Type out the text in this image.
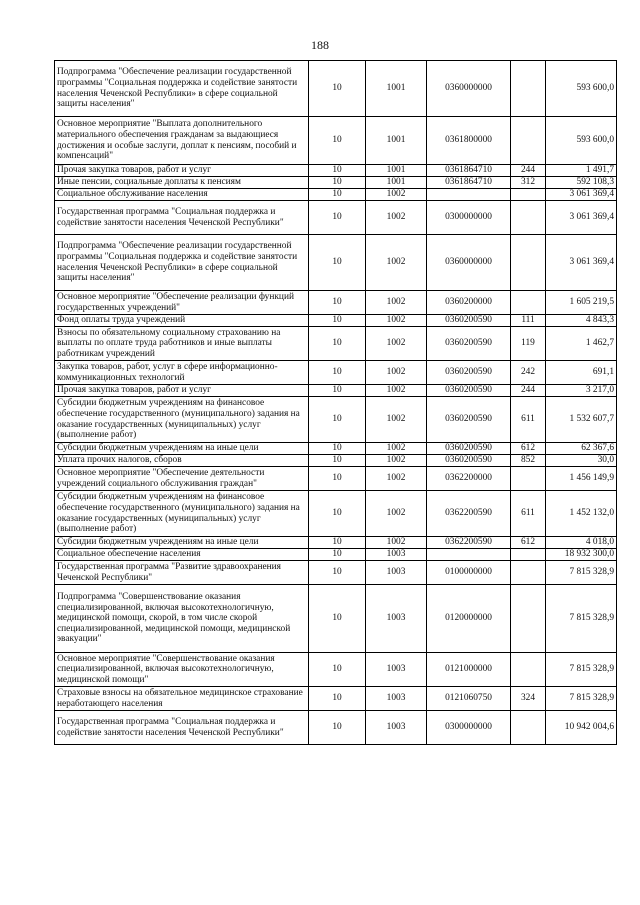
188
Подпрограмма "Обеспечение реализации государственной программы "Социальная поддержка и содействие занятости населения Чеченской Республики» в сфере социальной защиты населения"	10	1001	0360000000		593 600,0
Основное мероприятие "Выплата дополнительного материального обеспечения гражданам за выдающиеся достижения и особые заслуги, доплат к пенсиям, пособий и компенсаций"	10	1001	0361800000		593 600,0
Прочая закупка товаров, работ и услуг	10	1001	0361864710	244	1 491,7
Иные пенсии, социальные доплаты к пенсиям	10	1001	0361864710	312	592 108,3
Социальное обслуживание населения	10	1002			3 061 369,4
Государственная программа "Социальная поддержка и содействие занятости населения Чеченской Республики"	10	1002	0300000000		3 061 369,4
Подпрограмма "Обеспечение реализации государственной программы "Социальная поддержка и содействие занятости населения Чеченской Республики» в сфере социальной защиты населения"	10	1002	0360000000		3 061 369,4
Основное мероприятие "Обеспечение реализации функций государственных учреждений"	10	1002	0360200000		1 605 219,5
Фонд оплаты труда учреждений	10	1002	0360200590	111	4 843,3
Взносы по обязательному социальному страхованию на выплаты по оплате труда работников и иные выплаты работникам учреждений	10	1002	0360200590	119	1 462,7
Закупка товаров, работ, услуг в сфере информационно-коммуникационных технологий	10	1002	0360200590	242	691,1
Прочая закупка товаров, работ и услуг	10	1002	0360200590	244	3 217,0
Субсидии бюджетным учреждениям на финансовое обеспечение государственного (муниципального) задания на оказание государственных (муниципальных) услуг (выполнение работ)	10	1002	0360200590	611	1 532 607,7
Субсидии бюджетным учреждениям на иные цели	10	1002	0360200590	612	62 367,6
Уплата прочих налогов, сборов	10	1002	0360200590	852	30,0
Основное мероприятие "Обеспечение деятельности учреждений социального обслуживания граждан"	10	1002	0362200000		1 456 149,9
Субсидии бюджетным учреждениям на финансовое обеспечение государственного (муниципального) задания на оказание государственных (муниципальных) услуг (выполнение работ)	10	1002	0362200590	611	1 452 132,0
Субсидии бюджетным учреждениям на иные цели	10	1002	0362200590	612	4 018,0
Социальное обеспечение населения	10	1003			18 932 300,0
Государственная программа "Развитие здравоохранения Чеченской Республики"	10	1003	0100000000		7 815 328,9
Подпрограмма "Совершенствование оказания специализированной, включая высокотехнологичную, медицинской помощи, скорой, в том числе скорой специализированной, медицинской помощи, медицинской эвакуации"	10	1003	0120000000		7 815 328,9
Основное мероприятие "Совершенствование оказания специализированной, включая высокотехнологичную, медицинской помощи"	10	1003	0121000000		7 815 328,9
Страховые взносы на обязательное медицинское страхование неработающего населения	10	1003	0121060750	324	7 815 328,9
Государственная программа "Социальная поддержка и содействие занятости населения Чеченской Республики"	10	1003	0300000000		10 942 004,6
